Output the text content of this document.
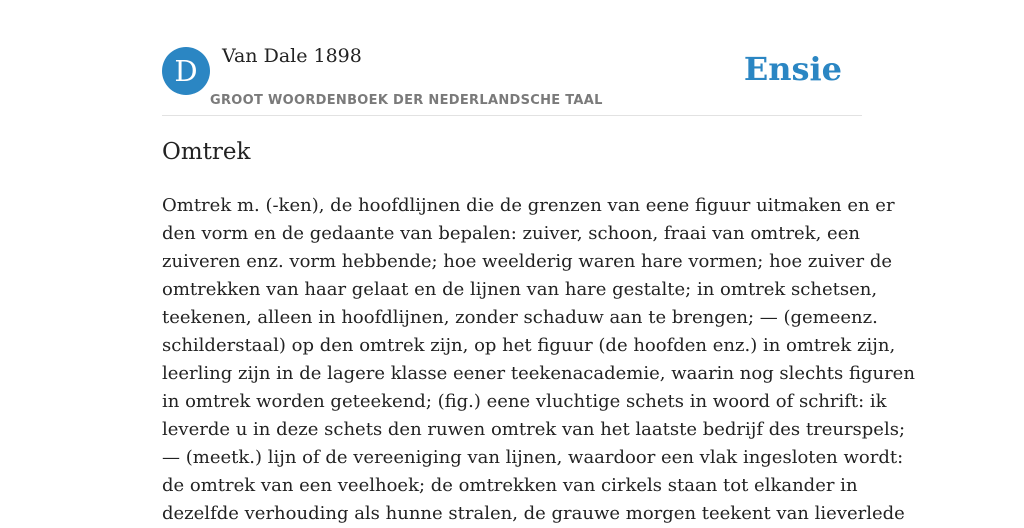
D	Van Dale 1898
GROOT WOORDENBOEK DER NEDERLANDSCHE TAAL
Ensie
Omtrek
Omtrek m. (-ken), de hoofdlijnen die de grenzen van eene figuur uitmaken en er
den vorm en de gedaante van bepalen: zuiver, schoon, fraai van omtrek, een
zuiveren enz. vorm hebbende; hoe weelderig waren hare vormen; hoe zuiver de
omtrekken van haar gelaat en de lijnen van hare gestalte; in omtrek schetsen,
teekenen, alleen in hoofdlijnen, zonder schaduw aan te brengen; — (gemeenz.
schilderstaal) op den omtrek zijn, op het figuur (de hoofden enz.) in omtrek zijn,
leerling zijn in de lagere klasse eener teekenacademie, waarin nog slechts figuren
in omtrek worden geteekend; (fig.) eene vluchtige schets in woord of schrift: ik
leverde u in deze schets den ruwen omtrek van het laatste bedrijf des treurspels;
— (meetk.) lijn of de vereeniging van lijnen, waardoor een vlak ingesloten wordt:
de omtrek van een veelhoek; de omtrekken van cirkels staan tot elkander in
dezelfde verhouding als hunne stralen, de grauwe morgen teekent van lieverlede
